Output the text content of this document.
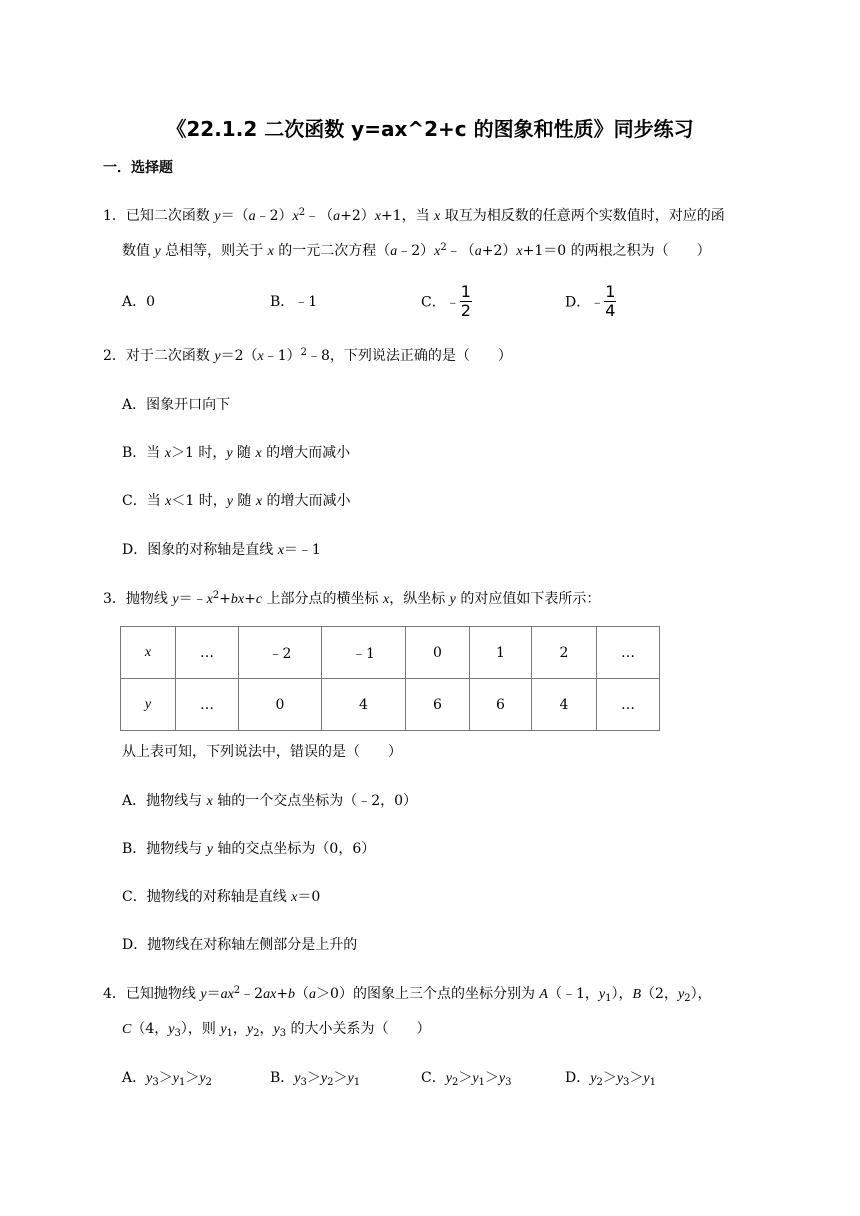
《22.1.2 二次函数 y=ax^2+c 的图象和性质》同步练习
一．选择题
1．已知二次函数 $y=(a﹣2)x^2﹣(a+2)x+1$，当 x 取互为相反数的任意两个实数值时，对应的函
数值 y 总相等，则关于 x 的一元二次方程$(a﹣2)x^2﹣(a+2)x+1=0$ 的两根之积为（　　）
A．0	B．﹣1	C．﹣ $\frac{1}{2}$	D．﹣ $\frac{1}{4}$
2．对于二次函数 y＝2（x﹣1）$^2$﹣8，下列说法正确的是（　　）
A．图象开口向下
B．当 x＞1 时，y 随 x 的增大而减小
C．当 x＜1 时，y 随 x 的增大而减小
D．图象的对称轴是直线 x＝﹣1
3．抛物线 $y=﹣x^2+bx+c$ 上部分点的横坐标 x，纵坐标 y 的对应值如下表所示：
x	…	﹣2	﹣1	0	1	2	…
y	…	0	4	6	6	4	…
从上表可知，下列说法中，错误的是（　　）
A．抛物线与 x 轴的一个交点坐标为（﹣2，0）
B．抛物线与 y 轴的交点坐标为（0，6）
C．抛物线的对称轴是直线 x＝0
D．抛物线在对称轴左侧部分是上升的
4．已知抛物线 $y=ax^2﹣2ax+b(a>0)$的图象上三个点的坐标分别为 A（﹣1，$y_1$），B（2，$y_2$），
C（4，$y_3$），则 $y_1$，$y_2$，$y_3$ 的大小关系为（　　）
A．$y_3>y_1>y_2$	B．$y_3>y_2>y_1$	C．$y_2>y_1>y_3$	D．$y_2>y_3>y_1$
